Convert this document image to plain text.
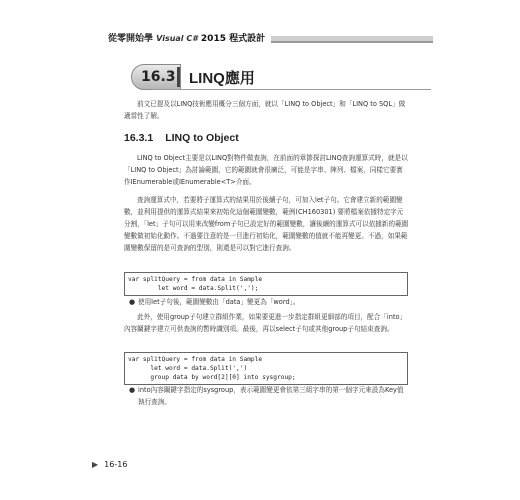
從零開始學 Visual C# 2015 程式設計
16.3 LINQ應用
前文已提及以LINQ技術應用概分三個方面，就以「LINQ to Object」和「LINQ to SQL」做適當性了解。
16.3.1 LINQ to Object
LINQ to Object主要是以LINQ對物件做查詢，在前面的章節探討LINQ查詢運算式時，就是以「LINQ to Object」為討論範圍，它的範圍就會很廣泛，可能是字串、陣列、檔案，同樣它要實作IEnumerable或IEnumerable<T>介面。
查詢運算式中，若要將子運算式的結果用於後續子句，可加入let子句。它會建立新的範圍變數，並利用提供的運算式結果來初始化這個範圍變數，範例(CH160301) 要將檔案依據特定字元分割，「let」子句可以用來改變from子句已設定好的範圍變數，讓後續的運算式可以依據新的範圍變數做初始化動作。不過要注意的是一旦進行初始化，範圍變數的值就不能再變更。不過，如果範圍變數保留的是可查詢的型別，則還是可以對它進行查詢。
var splitQuery = from data in Sample
let word = data.Split(',');
● 使用let子句後，範圍變數由「data」變更為「word」。
此外，使用group子句建立群組作業，如果要更進一步指定群組更細部的項目，配合「into」內容關鍵字建立可供查詢的暫時識別項。最後，再以select子句或其他group子句結束查詢。
var splitQuery = from data in Sample
let word = data.Split(',')
group data by word[2][0] into sysgroup;
● into內容關鍵字指定的sysgroup，表示範圍變更會依第三組字串的第一個字元來設為Key值執行查詢。
▶ 16-16
